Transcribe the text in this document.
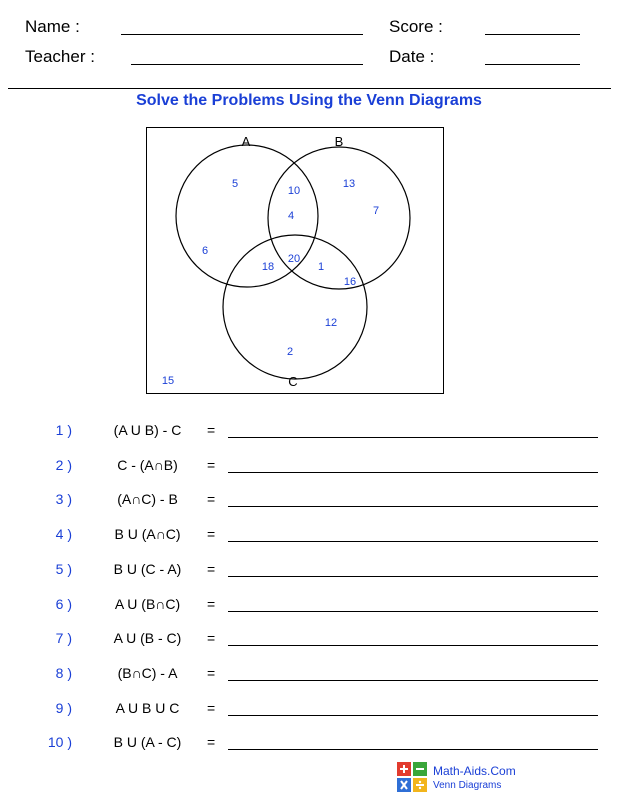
Name :	Score :
Teacher :	Date :
Solve the Problems Using the Venn Diagrams
A	B
C
5
6
13
7
10
4
18
20
1
16
12
2
15
1 )	(A U B) - C	=
2 )	C - (A∩B)	=
3 )	(A∩C) - B	=
4 )	B U (A∩C)	=
5 )	B U (C - A)	=
6 )	A U (B∩C)	=
7 )	A U (B - C)	=
8 )	(B∩C) - A	=
9 )	A U B U C	=
10 )	B U (A - C)	=
Math-Aids.Com
Venn Diagrams
